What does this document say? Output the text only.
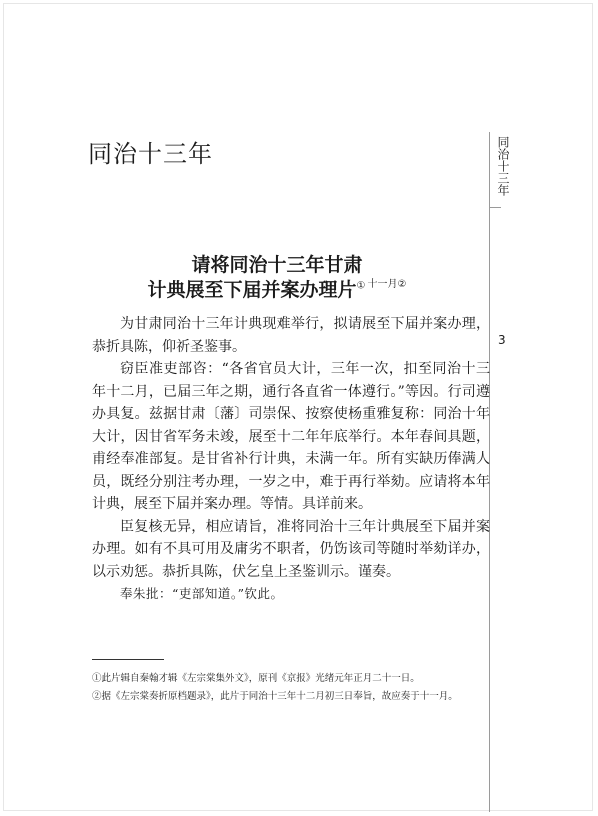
同治十三年	同治十三年
3
请将同治十三年甘肃
计典展至下届并案办理片① $^{十一月②}$

为甘肃同治十三年计典现难举行，拟请展至下届并案办理，恭折具陈，仰祈圣鉴事。

窃臣准吏部咨：“各省官员大计，三年一次，扣至同治十三年十二月，已届三年之期，通行各直省一体遵行。”等因。行司遵办具复。兹据甘肃〔藩〕司崇保、按察使杨重雅复称：同治十年大计，因甘省军务未竣，展至十二年年底举行。本年春间具题，甫经奉准部复。是甘省补行计典，未满一年。所有实缺历俸满人员，既经分别注考办理，一岁之中，难于再行举劾。应请将本年计典，展至下届并案办理。等情。具详前来。

臣复核无异，相应请旨，准将同治十三年计典展至下届并案办理。如有不具可用及庸劣不职者，仍饬该司等随时举劾详办，以示劝惩。恭折具陈，伏乞皇上圣鉴训示。谨奏。

奉朱批：“吏部知道。”钦此。

①此片辑自秦翰才辑《左宗棠集外文》，原刊《京报》光绪元年正月二十一日。

②据《左宗棠奏折原档题录》，此片于同治十三年十二月初三日奉旨，故应奏于十一月。
